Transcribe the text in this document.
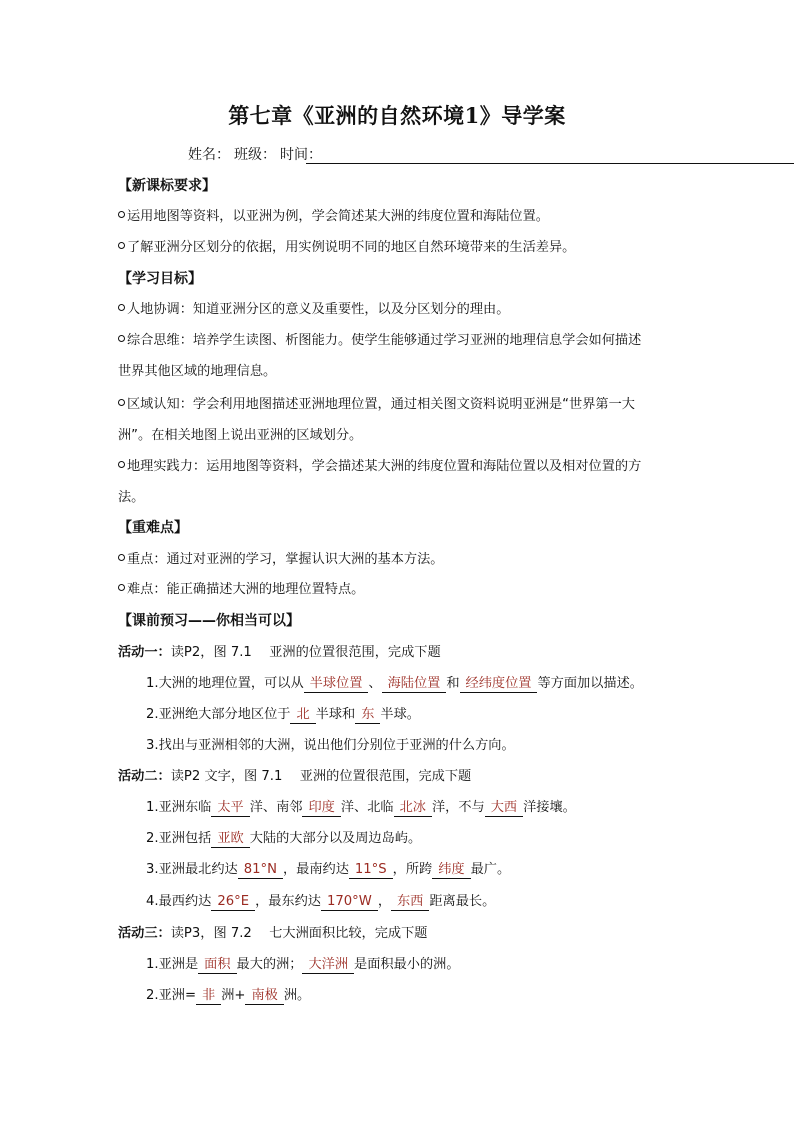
第七章《亚洲的自然环境1》导学案
姓名： 班级： 时间：
【新课标要求】
运用地图等资料，以亚洲为例，学会简述某大洲的纬度位置和海陆位置。
了解亚洲分区划分的依据，用实例说明不同的地区自然环境带来的生活差异。
【学习目标】
人地协调：知道亚洲分区的意义及重要性，以及分区划分的理由。
综合思维：培养学生读图、析图能力。使学生能够通过学习亚洲的地理信息学会如何描述
世界其他区域的地理信息。
区域认知：学会利用地图描述亚洲地理位置，通过相关图文资料说明亚洲是“世界第一大
洲”。在相关地图上说出亚洲的区域划分。
地理实践力：运用地图等资料，学会描述某大洲的纬度位置和海陆位置以及相对位置的方
法。
【重难点】
重点：通过对亚洲的学习，掌握认识大洲的基本方法。
难点：能正确描述大洲的地理位置特点。
【课前预习——你相当可以】
活动一：读P2，图 7.1 　亚洲的位置很范围，完成下题
1.大洲的地理位置，可以从 半球位置 、 海陆位置 和 经纬度位置 等方面加以描述。
2.亚洲绝大部分地区位于 北 半球和 东 半球。
3.找出与亚洲相邻的大洲，说出他们分别位于亚洲的什么方向。
活动二：读P2 文字，图 7.1 　亚洲的位置很范围，完成下题
1.亚洲东临 太平 洋、南邻 印度 洋、北临 北冰 洋，不与 大西 洋接壤。
2.亚洲包括 亚欧 大陆的大部分以及周边岛屿。
3.亚洲最北约达 81°N ，最南约达 11°S ，所跨 纬度 最广。
4.最西约达 26°E ，最东约达 170°W ， 东西 距离最长。
活动三：读P3，图 7.2 　七大洲面积比较，完成下题
1.亚洲是 面积 最大的洲； 大洋洲 是面积最小的洲。
2.亚洲= 非 洲+ 南极 洲。
